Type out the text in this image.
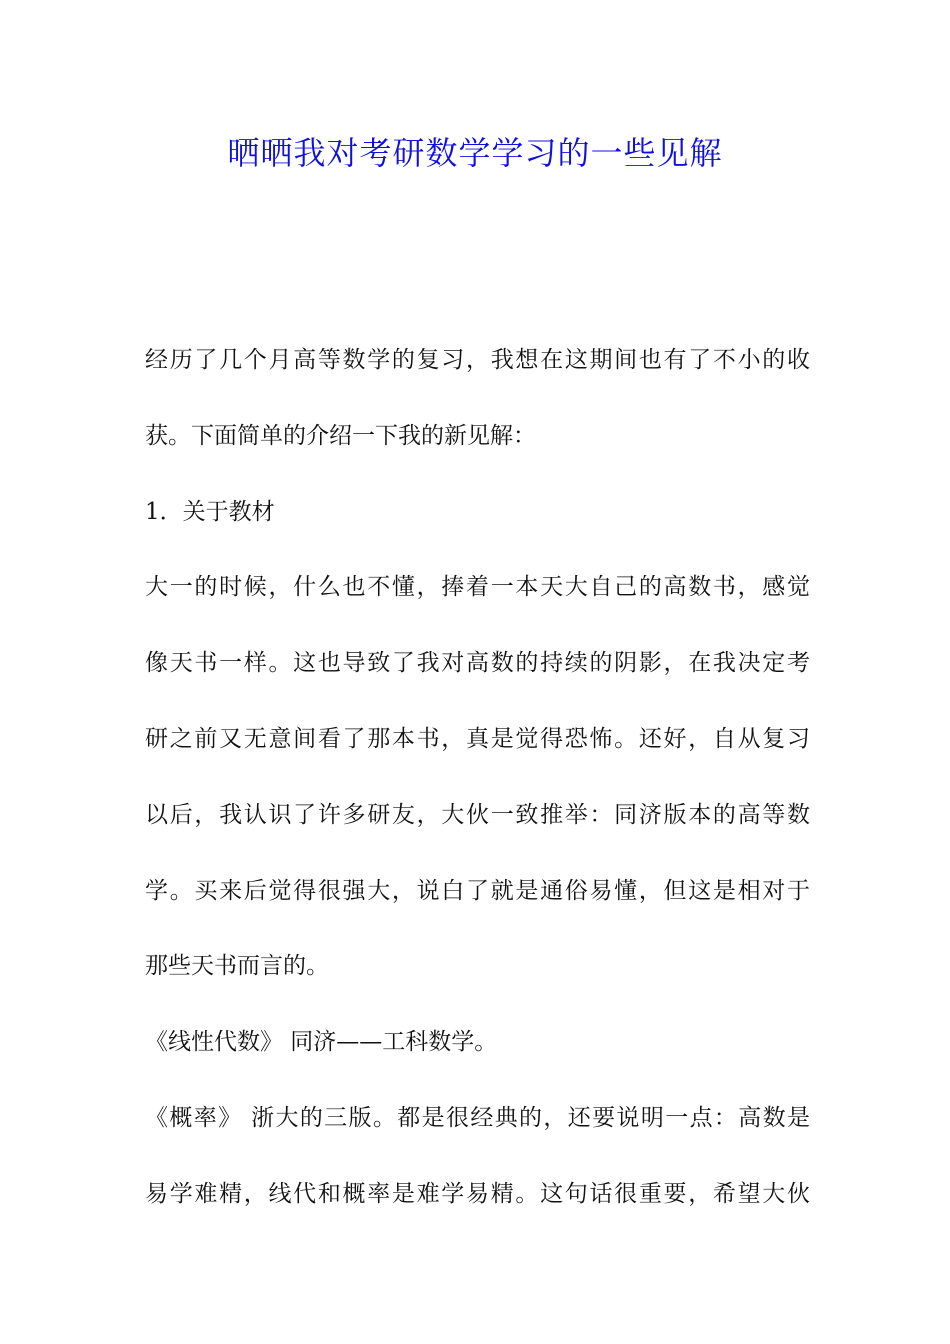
晒晒我对考研数学学习的一些见解
经历了几个月高等数学的复习，我想在这期间也有了不小的收
获。下面简单的介绍一下我的新见解：
1．关于教材
大一的时候，什么也不懂，捧着一本天大自己的高数书，感觉
像天书一样。这也导致了我对高数的持续的阴影，在我决定考
研之前又无意间看了那本书，真是觉得恐怖。还好，自从复习
以后，我认识了许多研友，大伙一致推举：同济版本的高等数
学。买来后觉得很强大，说白了就是通俗易懂，但这是相对于
那些天书而言的。
《线性代数》 同济——工科数学。
《概率》 浙大的三版。都是很经典的，还要说明一点：高数是
易学难精，线代和概率是难学易精。这句话很重要，希望大伙
